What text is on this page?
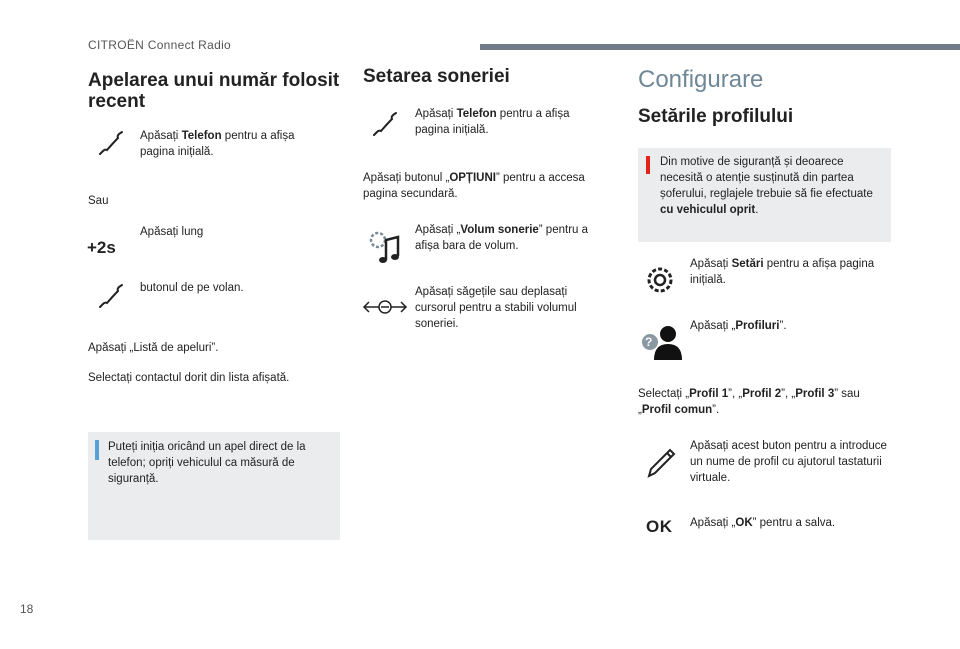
CITROËN Connect Radio
Apelarea unui număr folosit recent
Apăsați Telefon pentru a afișa pagina inițială.
Sau
+2s
Apăsați lung
butonul de pe volan.
Apăsați „Listă de apeluri”.
Selectați contactul dorit din lista afișată.
Puteți iniția oricând un apel direct de la telefon; opriți vehiculul ca măsură de siguranță.
Setarea soneriei
Apăsați Telefon pentru a afișa pagina inițială.
Apăsați butonul „OPȚIUNI” pentru a accesa pagina secundară.
Apăsați „Volum sonerie” pentru a afișa bara de volum.
Apăsați săgețile sau deplasați cursorul pentru a stabili volumul soneriei.
Configurare
Setările profilului
Din motive de siguranță și deoarece necesită o atenție susținută din partea șoferului, reglajele trebuie să fie efectuate cu vehiculul oprit.
Apăsați Setări pentru a afișa pagina inițială.
?
Apăsați „Profiluri”.
Selectați „Profil 1”, „Profil 2”, „Profil 3” sau „Profil comun”.
Apăsați acest buton pentru a introduce un nume de profil cu ajutorul tastaturii virtuale.
OK Apăsați „OK” pentru a salva.
18
